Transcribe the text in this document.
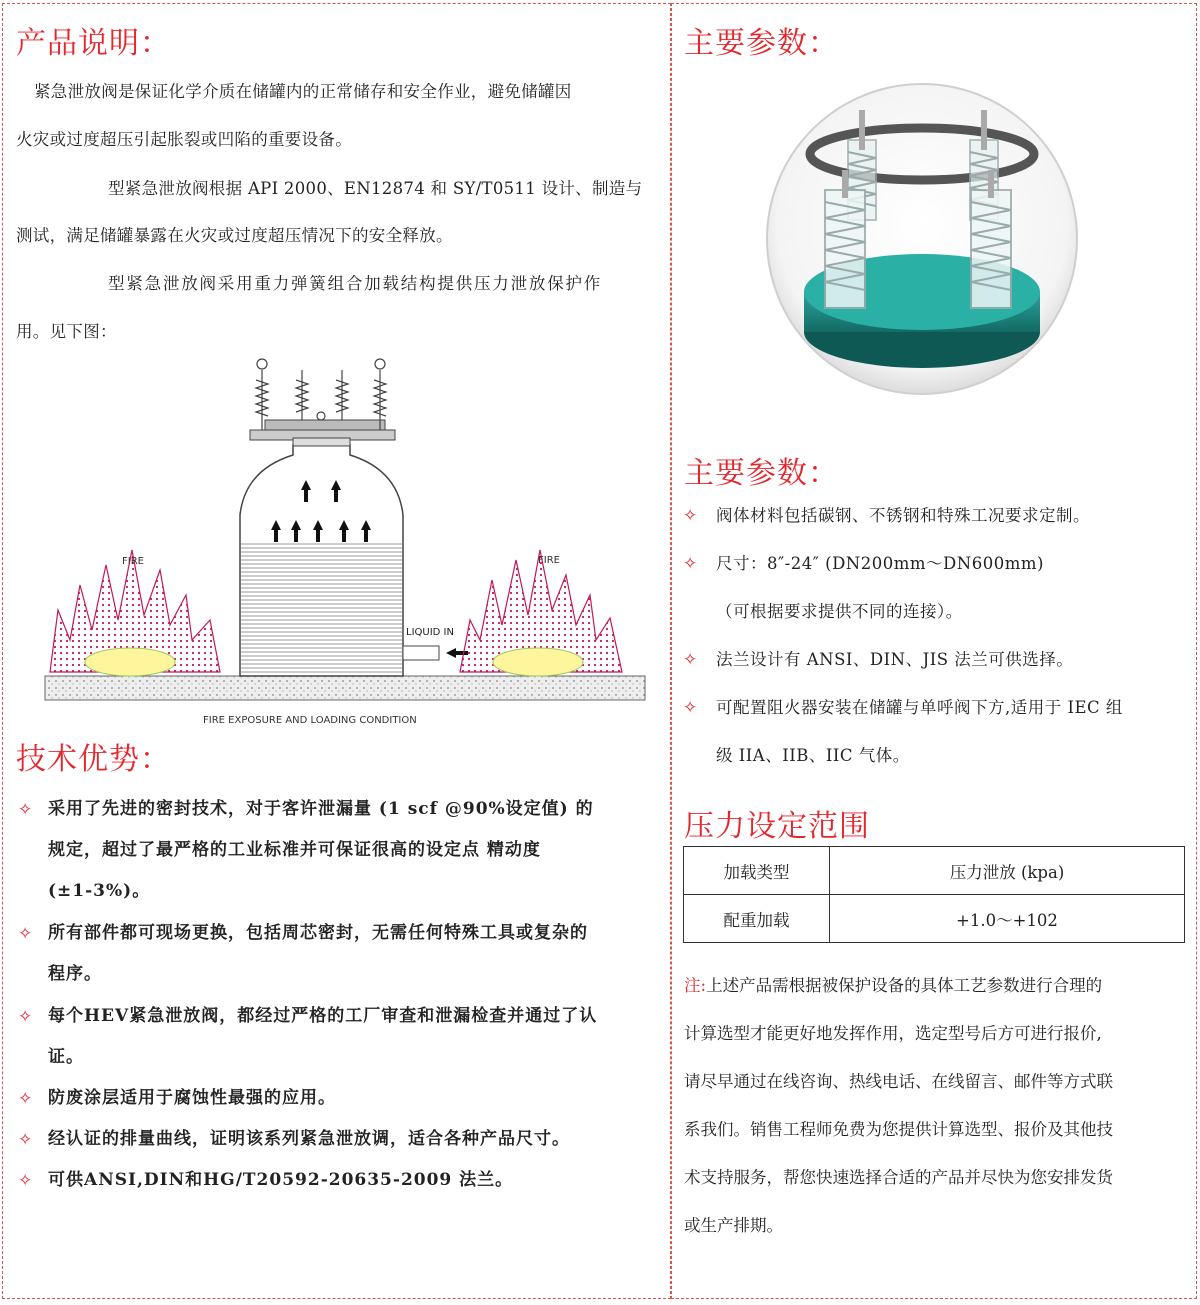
产品说明：
紧急泄放阀是保证化学介质在储罐内的正常储存和安全作业，避免储罐因
火灾或过度超压引起胀裂或凹陷的重要设备。
型紧急泄放阀根据 API 2000、EN12874 和 SY/T0511 设计、制造与
测试，满足储罐暴露在火灾或过度超压情况下的安全释放。
型紧急泄放阀采用重力弹簧组合加载结构提供压力泄放保护作
用。见下图：
LIQUID IN
FIRE	FIRE
FIRE EXPOSURE AND LOADING CONDITION
技术优势：
✧ 采用了先进的密封技术，对于客许泄漏量 (1 scf @90%设定值) 的
规定，超过了最严格的工业标准并可保证很高的设定点 精动度
(±1-3%)。
✧ 所有部件都可现场更换，包括周芯密封，无需任何特殊工具或复杂的
程序。
✧ 每个HEV紧急泄放阀，都经过严格的工厂审查和泄漏检查并通过了认
证。
✧ 防废涂层适用于腐蚀性最强的应用。
✧ 经认证的排量曲线，证明该系列紧急泄放调，适合各种产品尺寸。
✧ 可供ANSI,DIN和HG/T20592-20635-2009 法兰。
主要参数：
主要参数：
✧	阀体材料包括碳钢、不锈钢和特殊工况要求定制。
✧	尺寸：8″-24″ (DN200mm～DN600mm)
（可根据要求提供不同的连接）。
✧	法兰设计有 ANSI、DIN、JIS 法兰可供选择。
✧	可配置阻火器安装在储罐与单呼阀下方,适用于 IEC 组
级 IIA、IIB、IIC 气体。
压力设定范围
加载类型	压力泄放 (kpa)
配重加载	+1.0～+102
注:上述产品需根据被保护设备的具体工艺参数进行合理的
计算选型才能更好地发挥作用，选定型号后方可进行报价,
请尽早通过在线咨询、热线电话、在线留言、邮件等方式联
系我们。销售工程师免费为您提供计算选型、报价及其他技
术支持服务，帮您快速选择合适的产品并尽快为您安排发货
或生产排期。
